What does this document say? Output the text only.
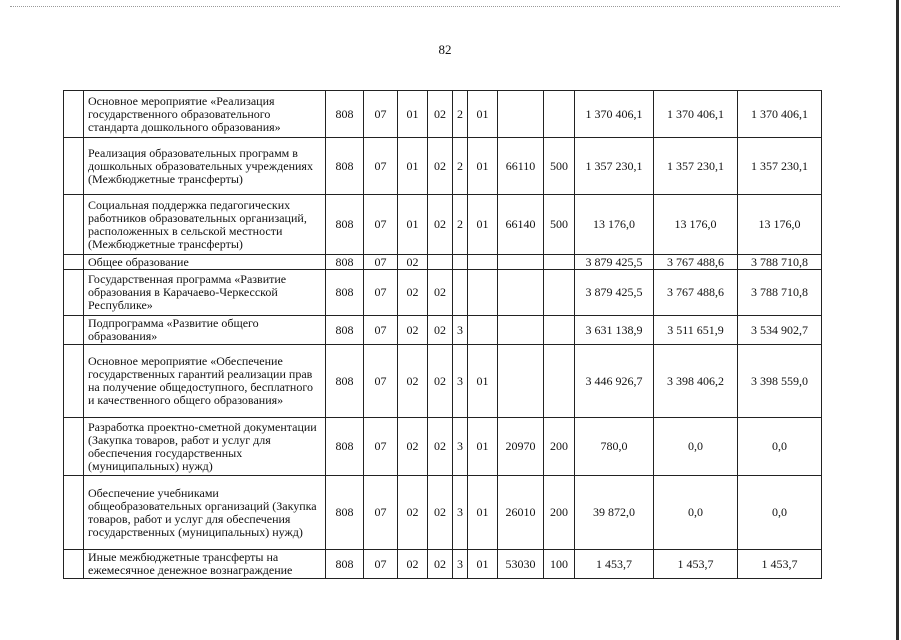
82
	Основное мероприятие «Реализация государственного образовательного стандарта дошкольного образования»	808	07	01	02	2	01			1 370 406,1	1 370 406,1	1 370 406,1
	Реализация образовательных программ в дошкольных образовательных учреждениях (Межбюджетные трансферты)	808	07	01	02	2	01	66110	500	1 357 230,1	1 357 230,1	1 357 230,1
	Социальная поддержка педагогических работников образовательных организаций, расположенных в сельской местности (Межбюджетные трансферты)	808	07	01	02	2	01	66140	500	13 176,0	13 176,0	13 176,0
	Общее образование	808	07	02						3 879 425,5	3 767 488,6	3 788 710,8
	Государственная программа «Развитие образования в Карачаево-Черкесской Республике»	808	07	02	02					3 879 425,5	3 767 488,6	3 788 710,8
	Подпрограмма «Развитие общего образования»	808	07	02	02	3				3 631 138,9	3 511 651,9	3 534 902,7
	Основное мероприятие «Обеспечение государственных гарантий реализации прав на получение общедоступного, бесплатного и качественного общего образования»	808	07	02	02	3	01			3 446 926,7	3 398 406,2	3 398 559,0
	Разработка проектно-сметной документации (Закупка товаров, работ и услуг для обеспечения государственных (муниципальных) нужд)	808	07	02	02	3	01	20970	200	780,0	0,0	0,0
	Обеспечение учебниками общеобразовательных организаций (Закупка товаров, работ и услуг для обеспечения государственных (муниципальных) нужд)	808	07	02	02	3	01	26010	200	39 872,0	0,0	0,0
	Иные межбюджетные трансферты на ежемесячное денежное вознаграждение	808	07	02	02	3	01	53030	100	1 453,7	1 453,7	1 453,7
